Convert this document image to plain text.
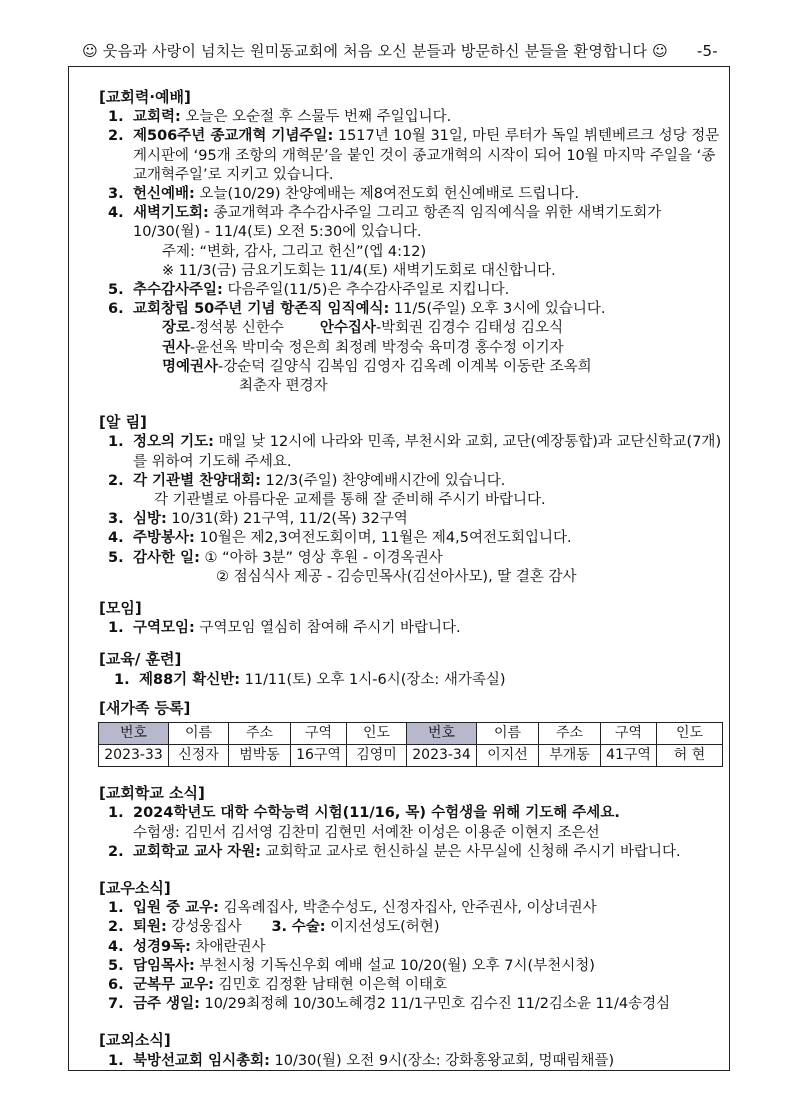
☺ 웃음과 사랑이 넘치는 원미동교회에 처음 오신 분들과 방문하신 분들을 환영합니다 ☺ -5-
[교회력·예배]
1. 교회력: 오늘은 오순절 후 스물두 번째 주일입니다.
2. 제506주년 종교개혁 기념주일: 1517년 10월 31일, 마틴 루터가 독일 뷔텐베르크 성당 정문 게시판에 ‘95개 조항의 개혁문’을 붙인 것이 종교개혁의 시작이 되어 10월 마지막 주일을 ‘종교개혁주일’로 지키고 있습니다.
3. 헌신예배: 오늘(10/29) 찬양예배는 제8여전도회 헌신예배로 드립니다.
4. 새벽기도회: 종교개혁과 추수감사주일 그리고 항존직 임직예식을 위한 새벽기도회가 10/30(월) - 11/4(토) 오전 5:30에 있습니다.
주제: “변화, 감사, 그리고 헌신”(엡 4:12)
※ 11/3(금) 금요기도회는 11/4(토) 새벽기도회로 대신합니다.
5. 추수감사주일: 다음주일(11/5)은 추수감사주일로 지킵니다.
6. 교회창립 50주년 기념 항존직 임직예식: 11/5(주일) 오후 3시에 있습니다.
장로-정석봉 신한수 안수집사-박회권 김경수 김태성 김오식
권사-윤선옥 박미숙 정은희 최정례 박정숙 육미경 홍수정 이기자
명예권사-강순덕 길양식 김복임 김영자 김옥례 이계복 이동란 조옥희
최춘자 편경자
[알 림]
1. 정오의 기도: 매일 낮 12시에 나라와 민족, 부천시와 교회, 교단(예장통합)과 교단신학교(7개)를 위하여 기도해 주세요.
2. 각 기관별 찬양대회: 12/3(주일) 찬양예배시간에 있습니다.
각 기관별로 아름다운 교제를 통해 잘 준비해 주시기 바랍니다.
3. 심방: 10/31(화) 21구역, 11/2(목) 32구역
4. 주방봉사: 10월은 제2,3여전도회이며, 11월은 제4,5여전도회입니다.
5. 감사한 일: ① “아하 3분” 영상 후원 - 이경옥권사
② 점심식사 제공 - 김승민목사(김선아사모), 딸 결혼 감사
[모임]
1. 구역모임: 구역모임 열심히 참여해 주시기 바랍니다.
[교육/ 훈련]
1. 제88기 확신반: 11/11(토) 오후 1시-6시(장소: 새가족실)
[새가족 등록]
번호	이름	주소	구역	인도	번호	이름	주소	구역	인도
2023-33	신정자	범박동	16구역	김영미	2023-34	이지선	부개동	41구역	허 현
[교회학교 소식]
1. 2024학년도 대학 수학능력 시험(11/16, 목) 수험생을 위해 기도해 주세요.
수험생: 김민서 김서영 김찬미 김현민 서예찬 이성은 이용준 이현지 조은선
2. 교회학교 교사 자원: 교회학교 교사로 헌신하실 분은 사무실에 신청해 주시기 바랍니다.
[교우소식]
1. 입원 중 교우: 김옥례집사, 박춘수성도, 신정자집사, 안주권사, 이상녀권사
2. 퇴원: 강성웅집사 3. 수술: 이지선성도(허현)
4. 성경9독: 차애란권사
5. 담임목사: 부천시청 기독신우회 예배 설교 10/20(월) 오후 7시(부천시청)
6. 군복무 교우: 김민호 김정환 남태현 이은혁 이태호
7. 금주 생일: 10/29최정혜 10/30노혜경2 11/1구민호 김수진 11/2김소윤 11/4송경심
[교외소식]
1. 북방선교회 임시총회: 10/30(월) 오전 9시(장소: 강화홍왕교회, 멍때림채플)
